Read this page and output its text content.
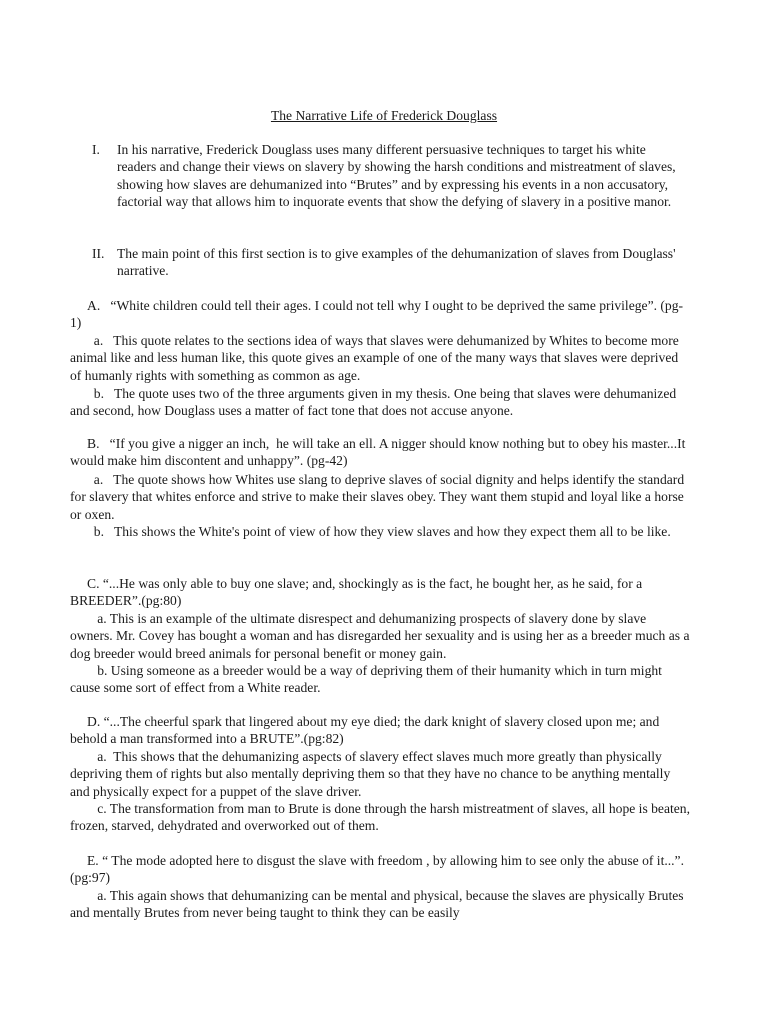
The Narrative Life of Frederick Douglass
I. In his narrative, Frederick Douglass uses many different persuasive techniques to target his white readers and change their views on slavery by showing the harsh conditions and mistreatment of slaves, showing how slaves are dehumanized into “Brutes” and by expressing his events in a non accusatory, factorial way that allows him to inquorate events that show the defying of slavery in a positive manor.
II. The main point of this first section is to give examples of the dehumanization of slaves from Douglass' narrative.
A.   “White children could tell their ages. I could not tell why I ought to be deprived the same privilege”. (pg-1)
a.   This quote relates to the sections idea of ways that slaves were dehumanized by Whites to become more animal like and less human like, this quote gives an example of one of the many ways that slaves were deprived of humanly rights with something as common as age.
b.   The quote uses two of the three arguments given in my thesis. One being that slaves were dehumanized and second, how Douglass uses a matter of fact tone that does not accuse anyone.
B.   “If you give a nigger an inch,  he will take an ell. A nigger should know nothing but to obey his master...It would make him discontent and unhappy”. (pg-42)
a.   The quote shows how Whites use slang to deprive slaves of social dignity and helps identify the standard for slavery that whites enforce and strive to make their slaves obey. They want them stupid and loyal like a horse or oxen.
b.   This shows the White's point of view of how they view slaves and how they expect them all to be like.
C. “...He was only able to buy one slave; and, shockingly as is the fact, he bought her, as he said, for a BREEDER”.(pg:80)
a. This is an example of the ultimate disrespect and dehumanizing prospects of slavery done by slave owners. Mr. Covey has bought a woman and has disregarded her sexuality and is using her as a breeder much as a dog breeder would breed animals for personal benefit or money gain.
b. Using someone as a breeder would be a way of depriving them of their humanity which in turn might cause some sort of effect from a White reader.
D. “...The cheerful spark that lingered about my eye died; the dark knight of slavery closed upon me; and behold a man transformed into a BRUTE”.(pg:82)
a.  This shows that the dehumanizing aspects of slavery effect slaves much more greatly than physically depriving them of rights but also mentally depriving them so that they have no chance to be anything mentally and physically expect for a puppet of the slave driver.
c. The transformation from man to Brute is done through the harsh mistreatment of slaves, all hope is beaten, frozen, starved, dehydrated and overworked out of them.
E. “ The mode adopted here to disgust the slave with freedom , by allowing him to see only the abuse of it...”.(pg:97)
a. This again shows that dehumanizing can be mental and physical, because the slaves are physically Brutes and mentally Brutes from never being taught to think they can be easily
